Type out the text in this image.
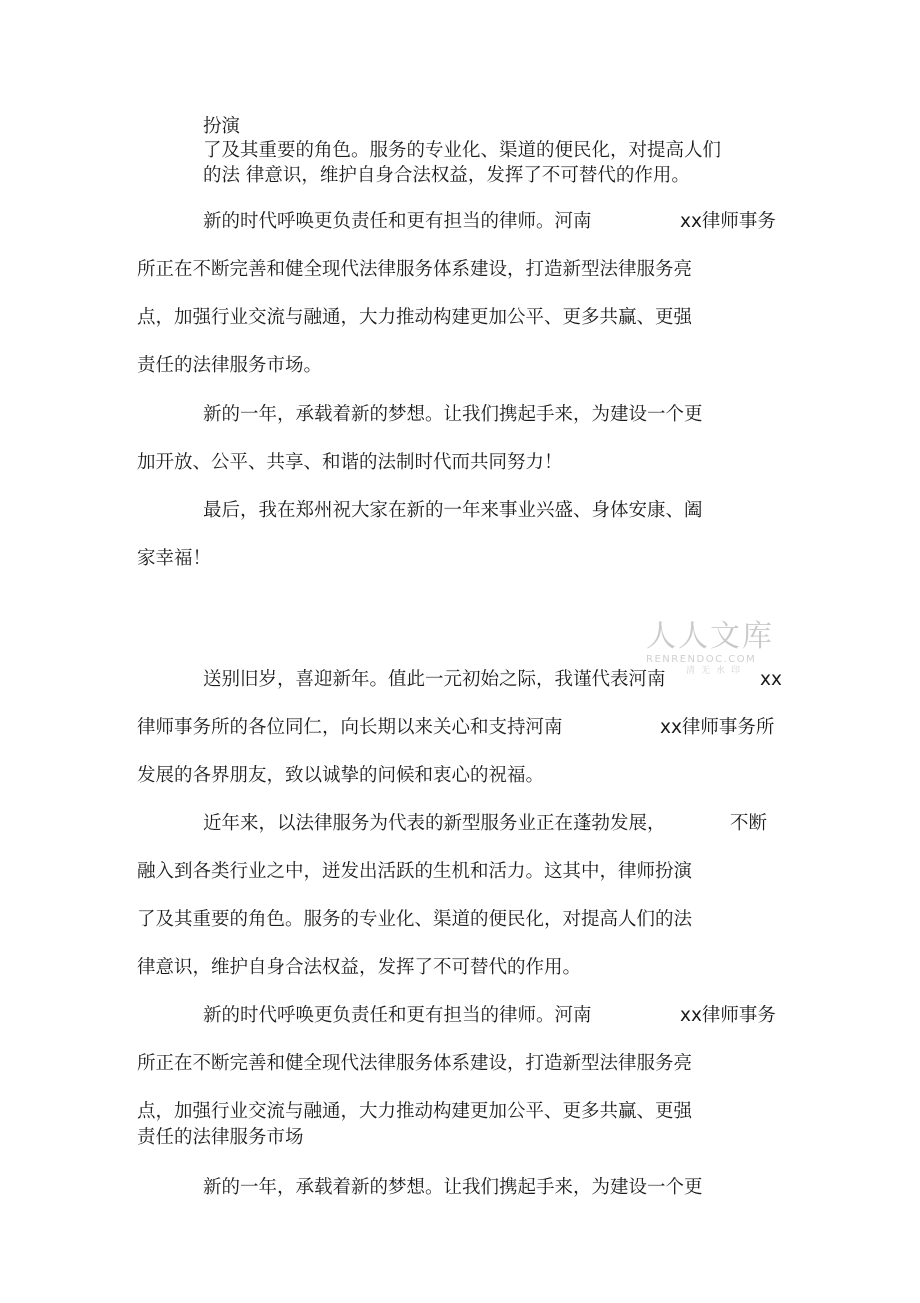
扮演

了及其重要的角色。服务的专业化、渠道的便民化，对提高人们

的法 律意识，维护自身合法权益，发挥了不可替代的作用。

新的时代呼唤更负责任和更有担当的律师。河南	xx律师事务

所正在不断完善和健全现代法律服务体系建设，打造新型法律服务亮

点，加强行业交流与融通，大力推动构建更加公平、更多共赢、更强

责任的法律服务市场。

新的一年，承载着新的梦想。让我们携起手来，为建设一个更

加开放、公平、共享、和谐的法制时代而共同努力！

最后，我在郑州祝大家在新的一年来事业兴盛、身体安康、阖

家幸福！

人人文库
RENRENDOC.COM
清无水印

送别旧岁，喜迎新年。值此一元初始之际，我谨代表河南	xx

律师事务所的各位同仁，向长期以来关心和支持河南	xx律师事务所

发展的各界朋友，致以诚挚的问候和衷心的祝福。

近年来，以法律服务为代表的新型服务业正在蓬勃发展，	不断

融入到各类行业之中，迸发出活跃的生机和活力。这其中，律师扮演

了及其重要的角色。服务的专业化、渠道的便民化，对提高人们的法

律意识，维护自身合法权益，发挥了不可替代的作用。

新的时代呼唤更负责任和更有担当的律师。河南	xx律师事务

所正在不断完善和健全现代法律服务体系建设，打造新型法律服务亮

点，加强行业交流与融通，大力推动构建更加公平、更多共赢、更强

责任的法律服务市场

新的一年，承载着新的梦想。让我们携起手来，为建设一个更
